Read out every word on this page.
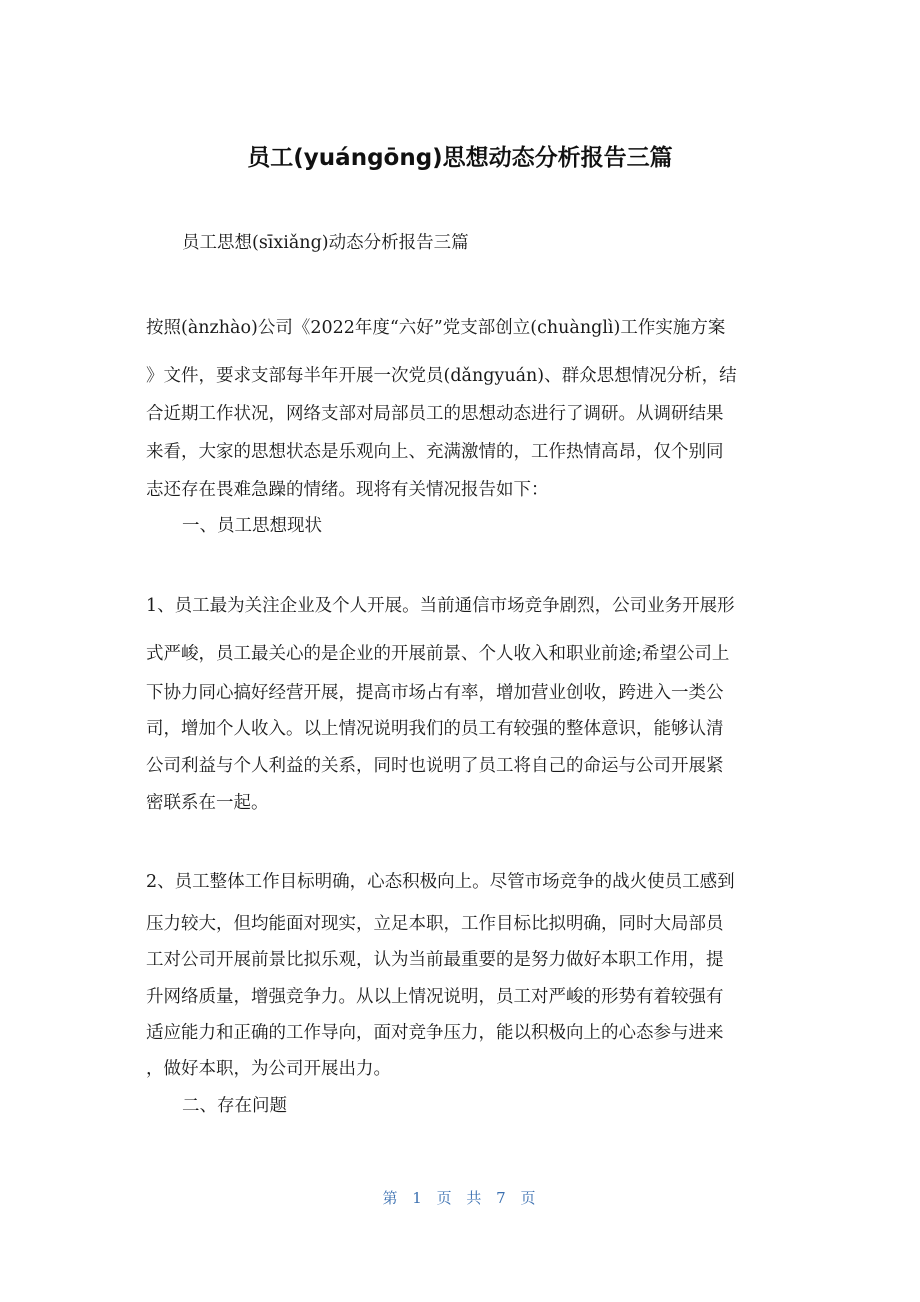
员工(yuángōng)思想动态分析报告三篇
员工思想(sīxiǎng)动态分析报告三篇
按照(ànzhào)公司《2022年度“六好”党支部创立(chuànglì)工作实施方案
》文件，要求支部每半年开展一次党员(dǎngyuán)、群众思想情况分析，结
合近期工作状况，网络支部对局部员工的思想动态进行了调研。从调研结果
来看，大家的思想状态是乐观向上、充满激情的，工作热情高昂，仅个别同
志还存在畏难急躁的情绪。现将有关情况报告如下：
一、员工思想现状
1、员工最为关注企业及个人开展。当前通信市场竞争剧烈，公司业务开展形
式严峻，员工最关心的是企业的开展前景、个人收入和职业前途;希望公司上
下协力同心搞好经营开展，提高市场占有率，增加营业创收，跨进入一类公
司，增加个人收入。以上情况说明我们的员工有较强的整体意识，能够认清
公司利益与个人利益的关系，同时也说明了员工将自己的命运与公司开展紧
密联系在一起。
2、员工整体工作目标明确，心态积极向上。尽管市场竞争的战火使员工感到
压力较大，但均能面对现实，立足本职，工作目标比拟明确，同时大局部员
工对公司开展前景比拟乐观，认为当前最重要的是努力做好本职工作用，提
升网络质量，增强竞争力。从以上情况说明，员工对严峻的形势有着较强有
适应能力和正确的工作导向，面对竞争压力，能以积极向上的心态参与进来
，做好本职，为公司开展出力。
二、存在问题
第 1 页 共 7 页
